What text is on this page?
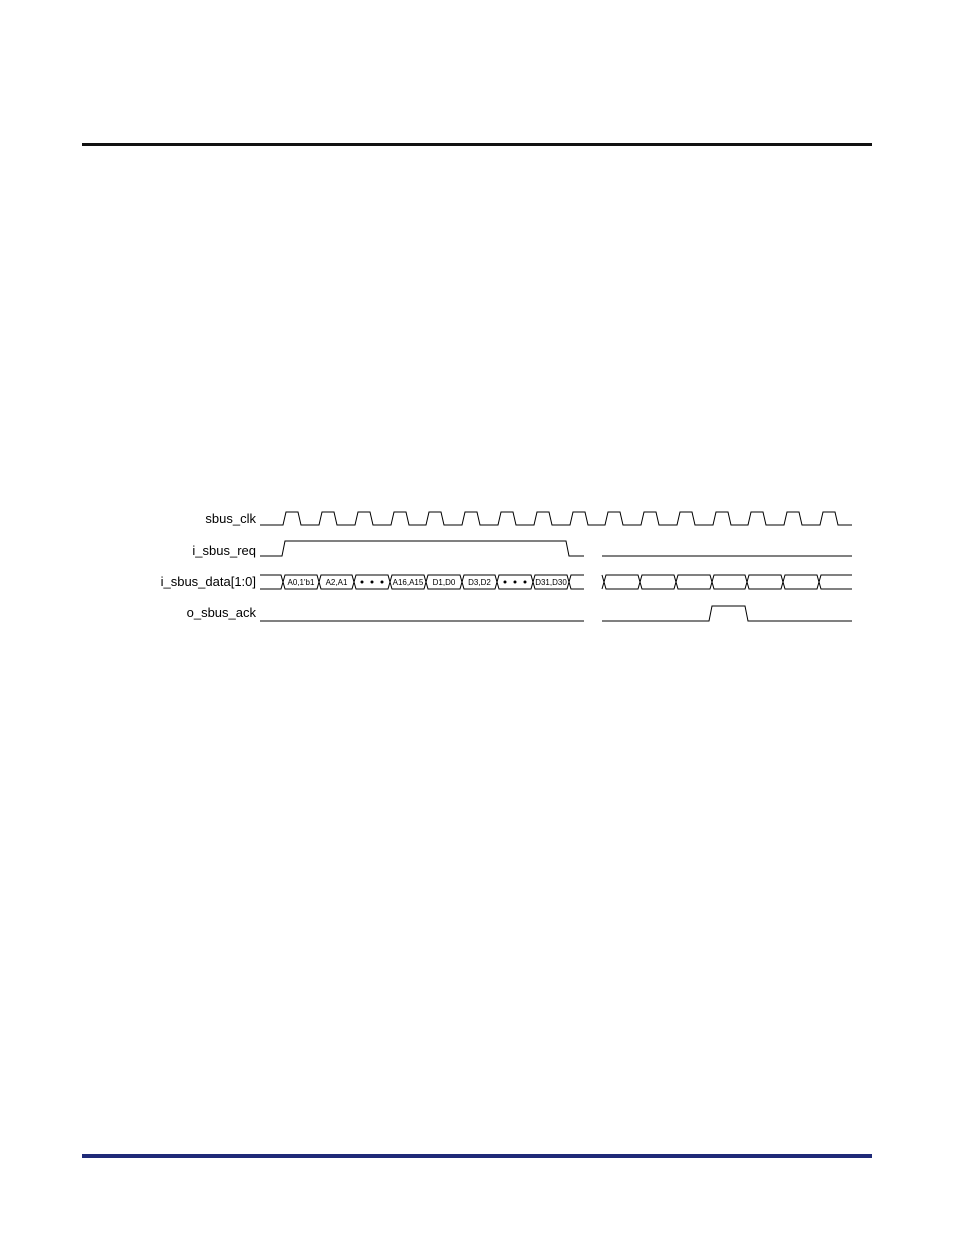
sbus_clk
i_sbus_req
i_sbus_data[1:0]
o_sbus_ack
A0,1'b1 A2,A1	A16,A15 D1,D0 D3,D2	D31,D30
